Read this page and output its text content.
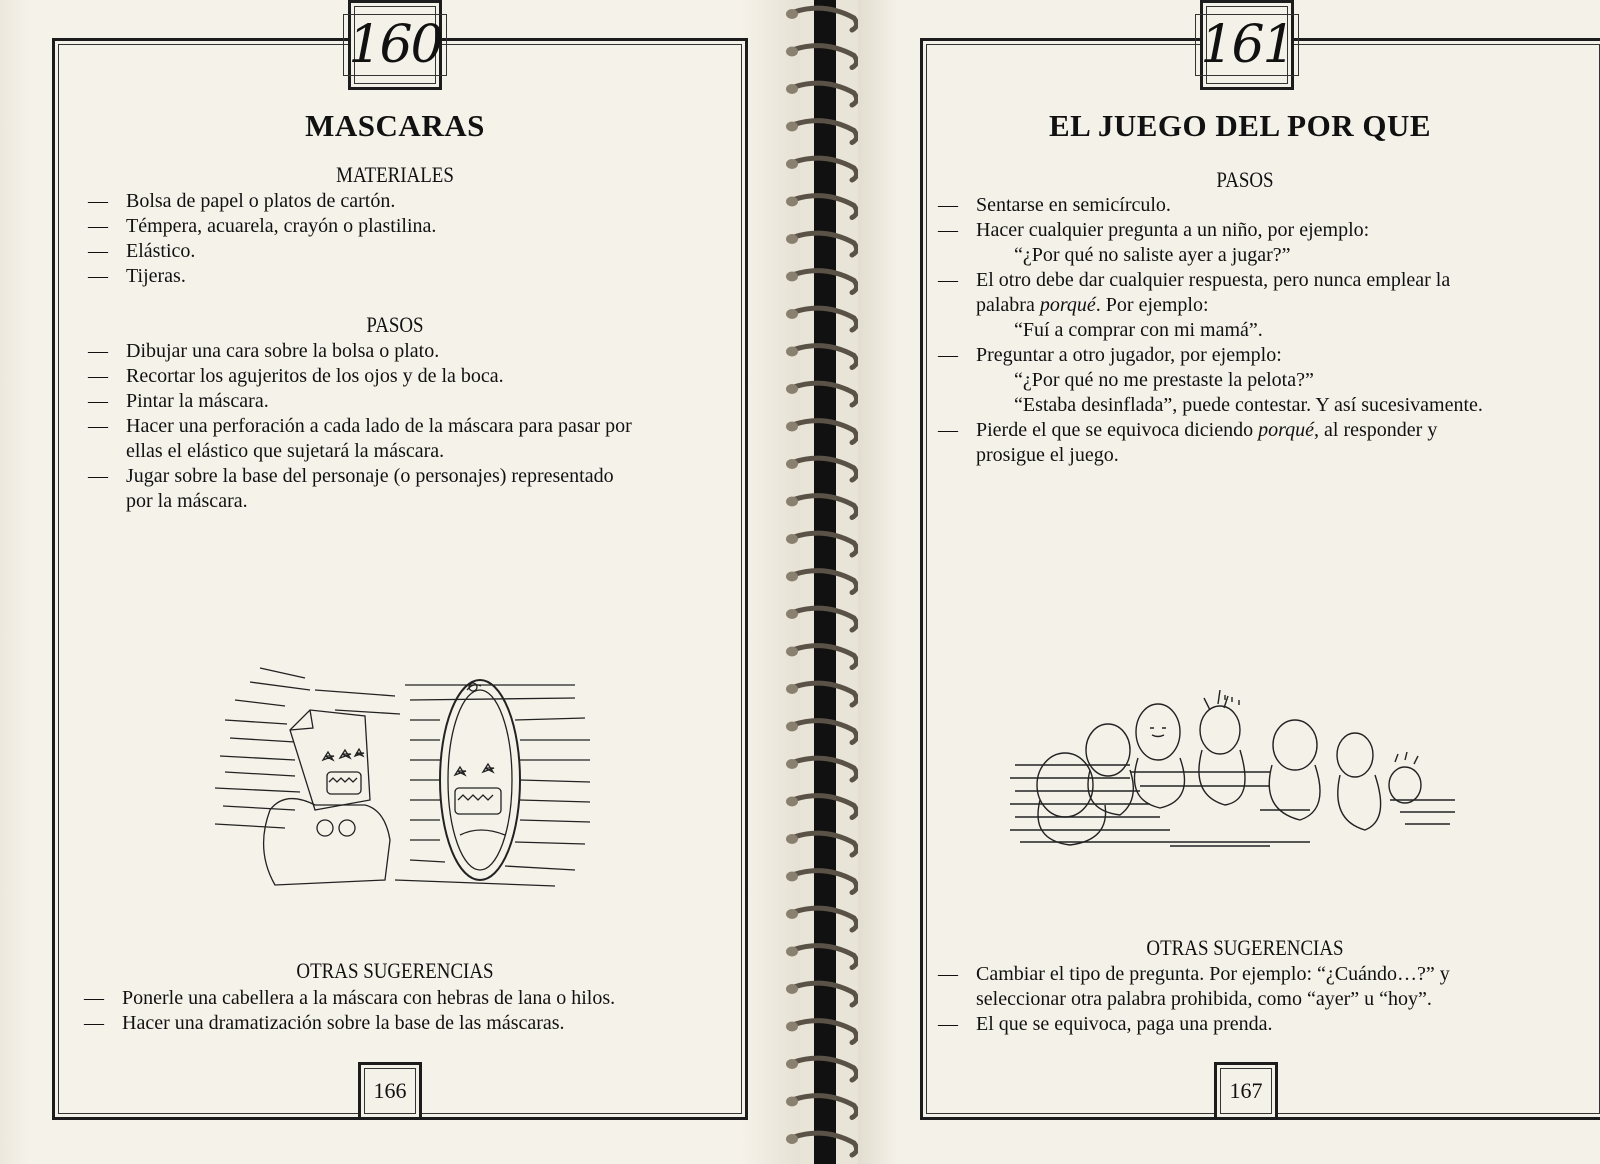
160
MASCARAS
MATERIALES
— Bolsa de papel o platos de cartón.
— Témpera, acuarela, crayón o plastilina.
— Elástico.
— Tijeras.
PASOS
— Dibujar una cara sobre la bolsa o plato.
— Recortar los agujeritos de los ojos y de la boca.
— Pintar la máscara.
— Hacer una perforación a cada lado de la máscara para pasar por
ellas el elástico que sujetará la máscara.
— Jugar sobre la base del personaje (o personajes) representado
por la máscara.
OTRAS SUGERENCIAS
— Ponerle una cabellera a la máscara con hebras de lana o hilos.
— Hacer una dramatización sobre la base de las máscaras.
166
161
EL JUEGO DEL POR QUE
PASOS
— Sentarse en semicírculo.
— Hacer cualquier pregunta a un niño, por ejemplo:
“¿Por qué no saliste ayer a jugar?”
— El otro debe dar cualquier respuesta, pero nunca emplear la
palabra porqué. Por ejemplo:
“Fuí a comprar con mi mamá”.
— Preguntar a otro jugador, por ejemplo:
“¿Por qué no me prestaste la pelota?”
“Estaba desinflada”, puede contestar. Y así sucesivamente.
— Pierde el que se equivoca diciendo porqué, al responder y
prosigue el juego.
OTRAS SUGERENCIAS
— Cambiar el tipo de pregunta. Por ejemplo: “¿Cuándo…?” y
seleccionar otra palabra prohibida, como “ayer” u “hoy”.
— El que se equivoca, paga una prenda.
167
